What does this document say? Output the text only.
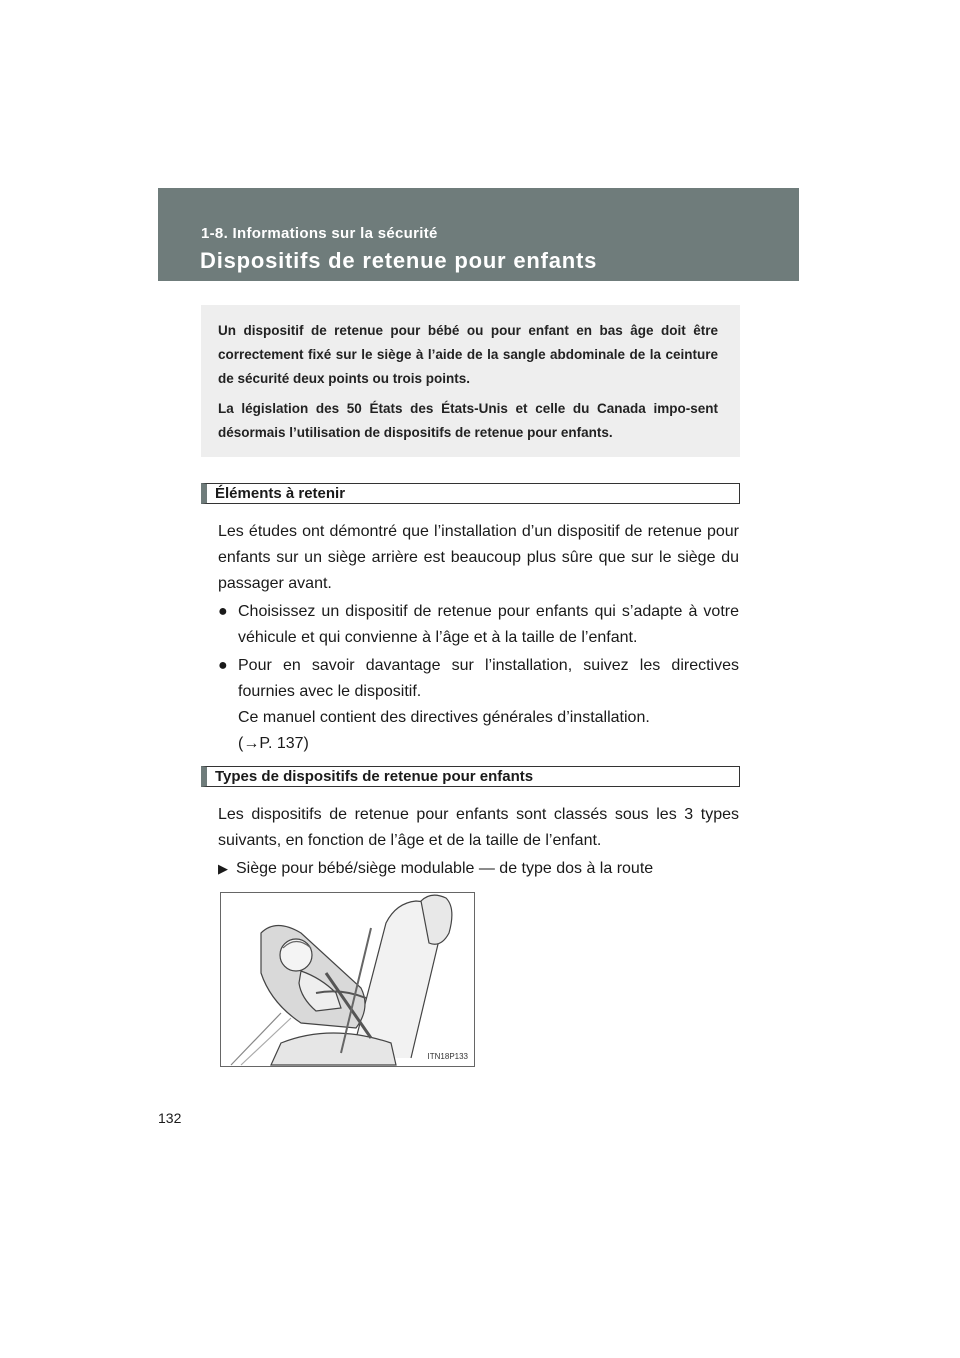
1-8. Informations sur la sécurité
Dispositifs de retenue pour enfants

Un dispositif de retenue pour bébé ou pour enfant en bas âge doit être correctement fixé sur le siège à l’aide de la sangle abdominale de la ceinture de sécurité deux points ou trois points.

La législation des 50 États des États-Unis et celle du Canada impo-sent désormais l’utilisation de dispositifs de retenue pour enfants.

Éléments à retenir

Les études ont démontré que l’installation d’un dispositif de retenue pour enfants sur un siège arrière est beaucoup plus sûre que sur le siège du passager avant.

● Choisissez un dispositif de retenue pour enfants qui s’adapte à votre véhicule et qui convienne à l’âge et à la taille de l’enfant.
● Pour en savoir davantage sur l’installation, suivez les directives fournies avec le dispositif.
Ce manuel contient des directives générales d’installation.
(→P. 137)
Types de dispositifs de retenue pour enfants

Les dispositifs de retenue pour enfants sont classés sous les 3 types suivants, en fonction de l’âge et de la taille de l’enfant.

▶ Siège pour bébé/siège modulable — de type dos à la route
ITN18P133
132
